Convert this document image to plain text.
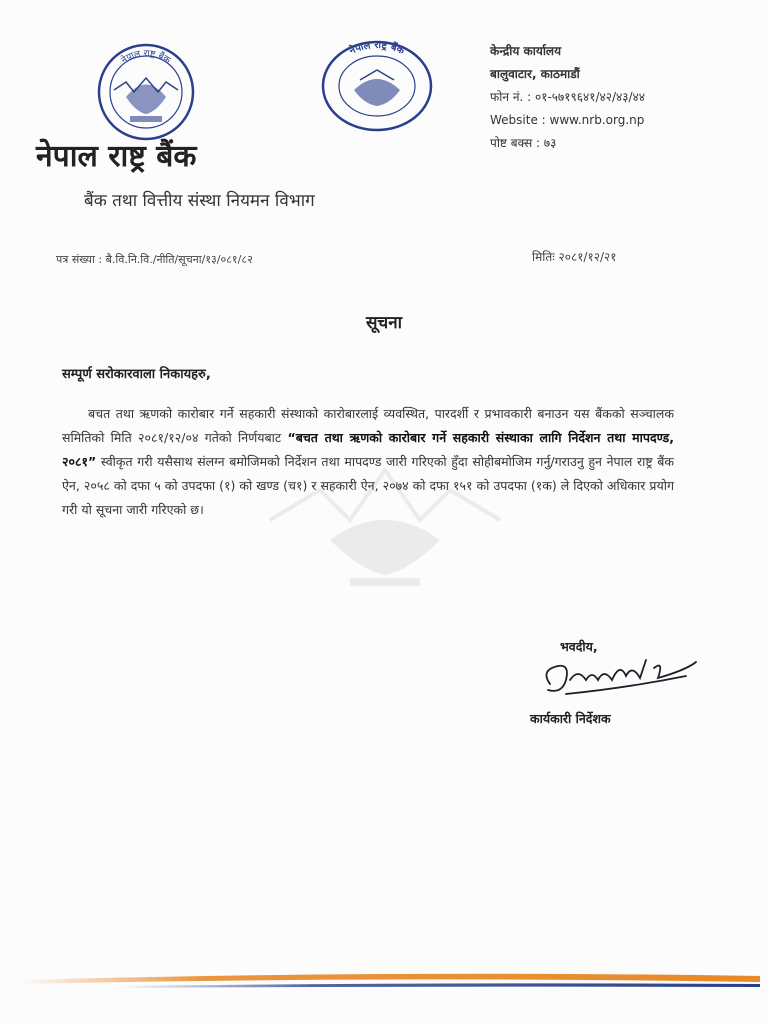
नेपाल राष्ट्र बैंक
नेपाल राष्ट्र बैंक	केन्द्रीय कार्यालय
बालुवाटार, काठमाडौं
फोन नं. : ०१-५७१९६४१/४२/४३/४४
Website : www.nrb.org.np
पोष्ट बक्स : ७३
नेपाल राष्ट्र बैंक
बैंक तथा वित्तीय संस्था नियमन विभाग
पत्र संख्या : बै.वि.नि.वि./नीति/सूचना/१३/०८१/८२	मितिः २०८१/१२/२१
सूचना
सम्पूर्ण सरोकारवाला निकायहरु,
बचत तथा ऋणको कारोबार गर्ने सहकारी संस्थाको कारोबारलाई व्यवस्थित, पारदर्शी र प्रभावकारी बनाउन यस बैंकको सञ्चालक समितिको मिति २०८१/१२/०४ गतेको निर्णयबाट “बचत तथा ऋणको कारोबार गर्ने सहकारी संस्थाका लागि निर्देशन तथा मापदण्ड, २०८१” स्वीकृत गरी यसैसाथ संलग्न बमोजिमको निर्देशन तथा मापदण्ड जारी गरिएको हुँदा सोहीबमोजिम गर्नु/गराउनु हुन नेपाल राष्ट्र बैंक ऐन, २०५८ को दफा ५ को उपदफा (१) को खण्ड (च१) र सहकारी ऐन, २०७४ को दफा १५१ को उपदफा (१क) ले दिएको अधिकार प्रयोग गरी यो सूचना जारी गरिएको छ।
भवदीय,
कार्यकारी निर्देशक
